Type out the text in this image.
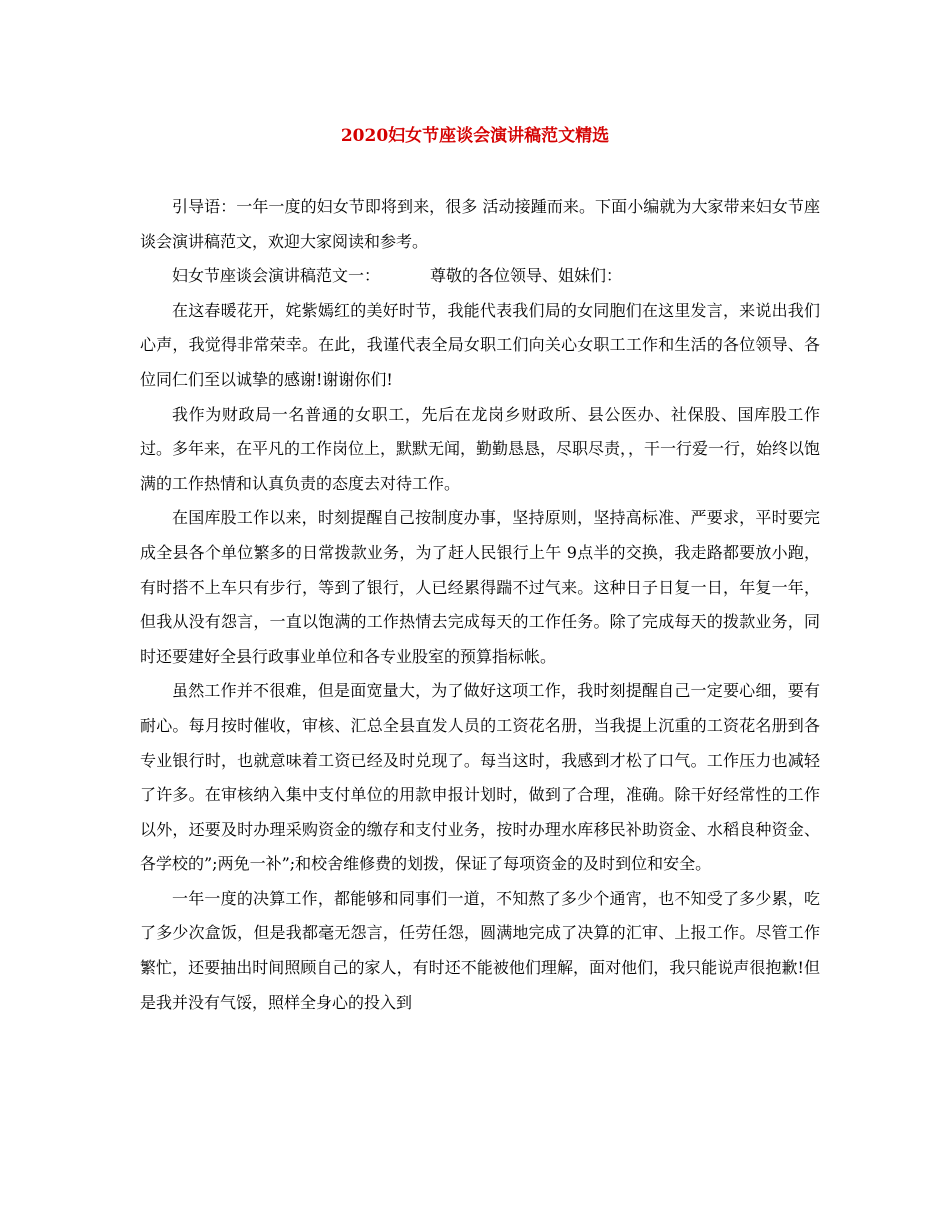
2020妇女节座谈会演讲稿范文精选

引导语：一年一度的妇女节即将到来，很多 活动接踵而来。下面小编就为大家带来妇女节座谈会演讲稿范文，欢迎大家阅读和参考。

妇女节座谈会演讲稿范文一：	尊敬的各位领导、姐妹们：

在这春暖花开，姹紫嫣红的美好时节，我能代表我们局的女同胞们在这里发言，来说出我们心声，我觉得非常荣幸。在此，我谨代表全局女职工们向关心女职工工作和生活的各位领导、各位同仁们至以诚挚的感谢!谢谢你们!

我作为财政局一名普通的女职工，先后在龙岗乡财政所、县公医办、社保股、国库股工作过。多年来，在平凡的工作岗位上，默默无闻，勤勤恳恳，尽职尽责，，干一行爱一行，始终以饱满的工作热情和认真负责的态度去对待工作。

在国库股工作以来，时刻提醒自己按制度办事，坚持原则，坚持高标准、严要求，平时要完成全县各个单位繁多的日常拨款业务，为了赶人民银行上午 9点半的交换，我走路都要放小跑，有时搭不上车只有步行，等到了银行，人已经累得踹不过气来。这种日子日复一日，年复一年，但我从没有怨言，一直以饱满的工作热情去完成每天的工作任务。除了完成每天的拨款业务，同时还要建好全县行政事业单位和各专业股室的预算指标帐。

虽然工作并不很难，但是面宽量大，为了做好这项工作，我时刻提醒自己一定要心细，要有耐心。每月按时催收，审核、汇总全县直发人员的工资花名册，当我提上沉重的工资花名册到各专业银行时，也就意味着工资已经及时兑现了。每当这时，我感到才松了口气。工作压力也减轻了许多。在审核纳入集中支付单位的用款申报计划时，做到了合理，准确。除干好经常性的工作以外，还要及时办理采购资金的缴存和支付业务，按时办理水库移民补助资金、水稻良种资金、各学校的”;两免一补”;和校舍维修费的划拨，保证了每项资金的及时到位和安全。

一年一度的决算工作，都能够和同事们一道，不知熬了多少个通宵，也不知受了多少累，吃了多少次盒饭，但是我都毫无怨言，任劳任怨，圆满地完成了决算的汇审、上报工作。尽管工作繁忙，还要抽出时间照顾自己的家人，有时还不能被他们理解，面对他们，我只能说声很抱歉!但是我并没有气馁，照样全身心的投入到
